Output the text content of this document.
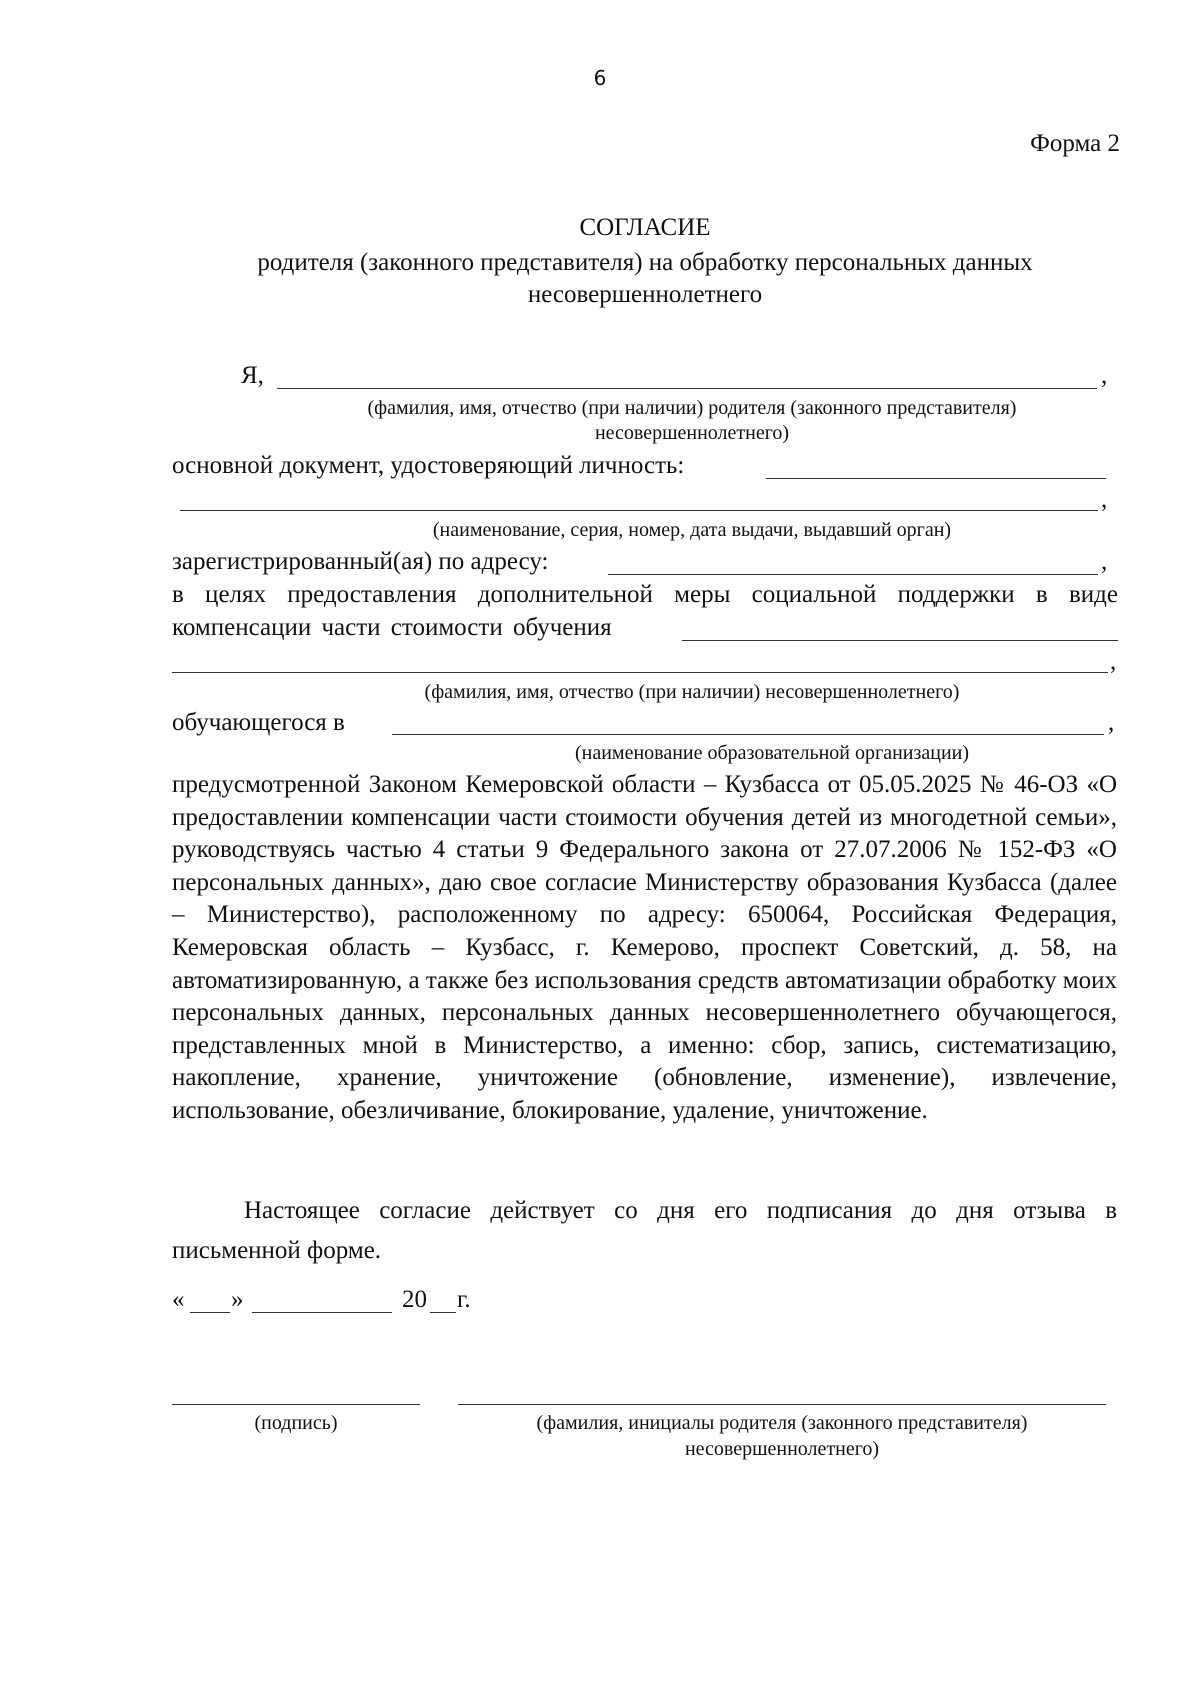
6
Форма 2
СОГЛАСИЕ
родителя (законного представителя) на обработку персональных данных
несовершеннолетнего
Я,	,
(фамилия, имя, отчество (при наличии) родителя (законного представителя)
несовершеннолетнего)
основной документ, удостоверяющий личность:
,
(наименование, серия, номер, дата выдачи, выдавший орган)
зарегистрированный(ая) по адресу:	,
в целях предоставления дополнительной меры социальной поддержки в виде
компенсации части стоимости обучения
,
(фамилия, имя, отчество (при наличии) несовершеннолетнего)
обучающегося в	,
(наименование образовательной организации)
предусмотренной Законом Кемеровской области – Кузбасса от 05.05.2025 № 46-ОЗ «О предоставлении компенсации части стоимости обучения детей из многодетной семьи», руководствуясь частью 4 статьи 9 Федерального закона от 27.07.2006 № 152-ФЗ «О персональных данных», даю свое согласие Министерству образования Кузбасса (далее – Министерство), расположенному по адресу: 650064, Российская Федерация, Кемеровская область – Кузбасс, г. Кемерово, проспект Советский, д. 58, на автоматизированную, а также без использования средств автоматизации обработку моих персональных данных, персональных данных несовершеннолетнего обучающегося, представленных мной в Министерство, а именно: сбор, запись, систематизацию, накопление, хранение, уничтожение (обновление, изменение), извлечение, использование, обезличивание, блокирование, удаление, уничтожение.
Настоящее согласие действует со дня его подписания до дня отзыва в письменной форме.
« »	20 г.
(подпись)	(фамилия, инициалы родителя (законного представителя)
несовершеннолетнего)
